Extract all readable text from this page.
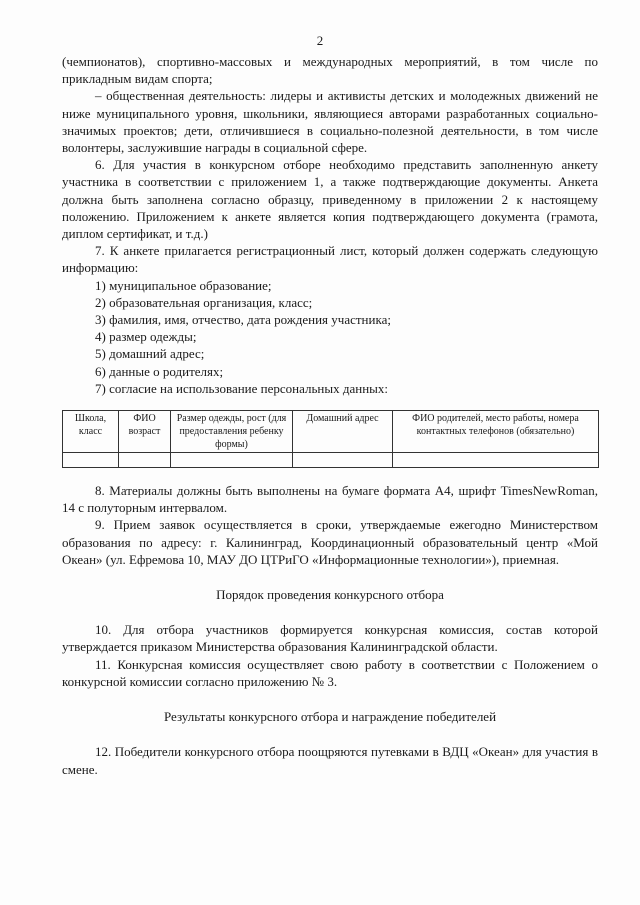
2

(чемпионатов), спортивно-массовых и международных мероприятий, в том числе по прикладным видам спорта;

– общественная деятельность: лидеры и активисты детских и молодежных движений не ниже муниципального уровня, школьники, являющиеся авторами разработанных социально-значимых проектов; дети, отличившиеся в социально-полезной деятельности, в том числе волонтеры, заслужившие награды в социальной сфере.

6. Для участия в конкурсном отборе необходимо представить заполненную анкету участника в соответствии с приложением 1, а также подтверждающие документы. Анкета должна быть заполнена согласно образцу, приведенному в приложении 2 к настоящему положению. Приложением к анкете является копия подтверждающего документа (грамота, диплом сертификат, и т.д.)

7. К анкете прилагается регистрационный лист, который должен содержать следующую информацию:

1) муниципальное образование;

2) образовательная организация, класс;

3) фамилия, имя, отчество, дата рождения участника;

4) размер одежды;

5) домашний адрес;

6) данные о родителях;

7) согласие на использование персональных данных:

Школа, класс	ФИО возраст	Размер одежды, рост (для предоставления ребенку формы)	Домашний адрес	ФИО родителей, место работы, номера контактных телефонов (обязательно)

8. Материалы должны быть выполнены на бумаге формата А4, шрифт TimesNewRoman, 14 с полуторным интервалом.

9. Прием заявок осуществляется в сроки, утверждаемые ежегодно Министерством образования по адресу: г. Калининград, Координационный образовательный центр «Мой Океан» (ул. Ефремова 10, МАУ ДО ЦТРиГО «Информационные технологии»), приемная.

Порядок проведения конкурсного отбора

10. Для отбора участников формируется конкурсная комиссия, состав которой утверждается приказом Министерства образования Калининградской области.

11. Конкурсная комиссия осуществляет свою работу в соответствии с Положением о конкурсной комиссии согласно приложению № 3.

Результаты конкурсного отбора и награждение победителей

12. Победители конкурсного отбора поощряются путевками в ВДЦ «Океан» для участия в смене.
